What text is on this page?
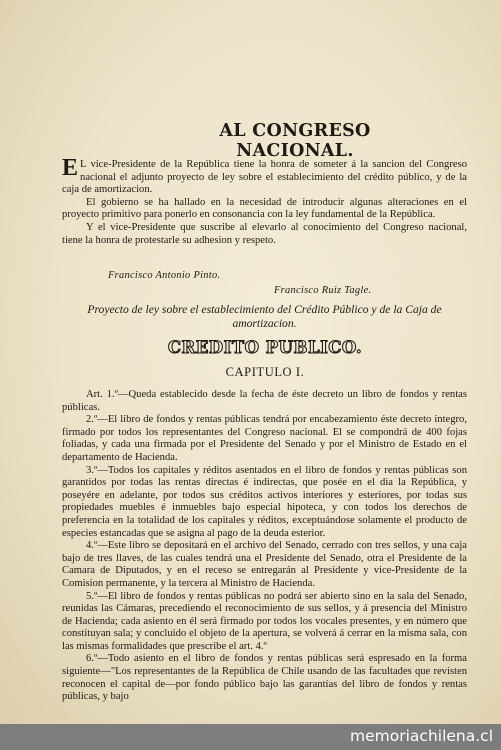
AL CONGRESO NACIONAL.

E L vice-Presidente de la República tiene la honra de someter á la sancion del Congreso nacional el adjunto proyecto de ley sobre el establecimiento del crédito público, y de la caja de amortizacion.

El gobierno se ha hallado en la necesidad de introducir algunas alteraciones en el proyecto primitivo para ponerlo en consonancia con la ley fundamental de la República.

Y el vice-Presidente que suscribe al elevarlo al conocimiento del Congreso nacional, tiene la honra de protestarle su adhesion y respeto.

Francisco Antonio Pinto.
Francisco Ruiz Tagle.
Proyecto de ley sobre el establecimiento del Crédito Público y de la Caja de amortizacion.
CREDITO PUBLICO.
CAPITULO I.

Art. 1.º—Queda establecido desde la fecha de éste decreto un libro de fondos y rentas públicas.

2.º—El libro de fondos y rentas públicas tendrá por encabezamiento éste decreto integro, firmado por todos los representantes del Congreso nacional. El se compondrá de 400 fojas foliadas, y cada una firmada por el Presidente del Senado y por el Ministro de Estado en el departamento de Hacienda.

3.º—Todos los capitales y réditos asentados en el libro de fondos y rentas públicas son garantidos por todas las rentas directas é indirectas, que posée en el dia la República, y poseyére en adelante, por todos sus créditos activos interiores y esteriores, por todas sus propiedades muebles é inmuebles bajo especial hipoteca, y con todos los derechos de preferencia en la totalidad de los capitales y réditos, exceptuándose solamente el producto de especies estancadas que se asigna al pago de la deuda esterior.

4.º—Este libro se depositará en el archivo del Senado, cerrado con tres sellos, y una caja bajo de tres llaves, de las cuales tendrá una el Presidente del Senado, otra el Presidente de la Camara de Diputados, y en el receso se entregarán al Presidente y vice-Presidente de la Comision permanente, y la tercera al Ministro de Hacienda.

5.º—El libro de fondos y rentas públicas no podrá ser abierto sino en la sala del Senado, reunidas las Cámaras, precediendo el reconocimiento de sus sellos, y á presencia del Ministro de Hacienda; cada asiento en él será firmado por todos los vocales presentes, y en número que constituyan sala; y concluido el objeto de la apertura, se volverá á cerrar en la misma sala, con las mismas formalidades que prescribe el art. 4.º

6.º—Todo asiento en el libro de fondos y rentas públicas será espresado en la forma siguiente—"Los representantes de la República de Chile usando de las facultades que revisten reconocen el capital de—por fondo público bajo las garantías del libro de fondos y rentas públicas, y bajo

memoriachilena.cl
